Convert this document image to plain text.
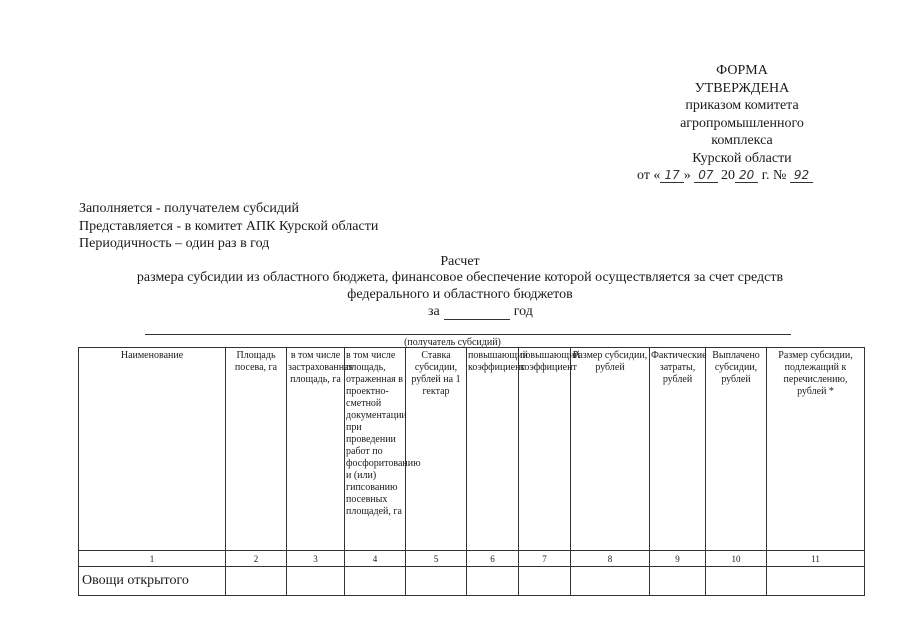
ФОРМА
УТВЕРЖДЕНА
приказом комитета
агропромышленного
комплекса
Курской области
от « 17 » 07 20 20 г. № 92
Заполняется - получателем субсидий
Представляется - в комитет АПК Курской области
Периодичность – один раз в год
Расчет
размера субсидии из областного бюджета, финансовое обеспечение которой осуществляется за счет средств
федерального и областного бюджетов
за	год
(получатель субсидий)
Наименование	Площадь посева, га	в том числе застрахованная площадь, га	в том числе площадь, отраженная в проектно-сметной документации при проведении работ по фосфоритованию и (или) гипсованию посевных площадей, га	Ставка субсидии, рублей на 1 гектар	повышающий коэффициент	повышающий коэффициент	Размер субсидии, рублей	Фактические затраты, рублей	Выплачено субсидии, рублей	Размер субсидии, подлежащий к перечислению, рублей *
1	2	3	4	5	6	7	8	9	10	11
Овощи открытого										
